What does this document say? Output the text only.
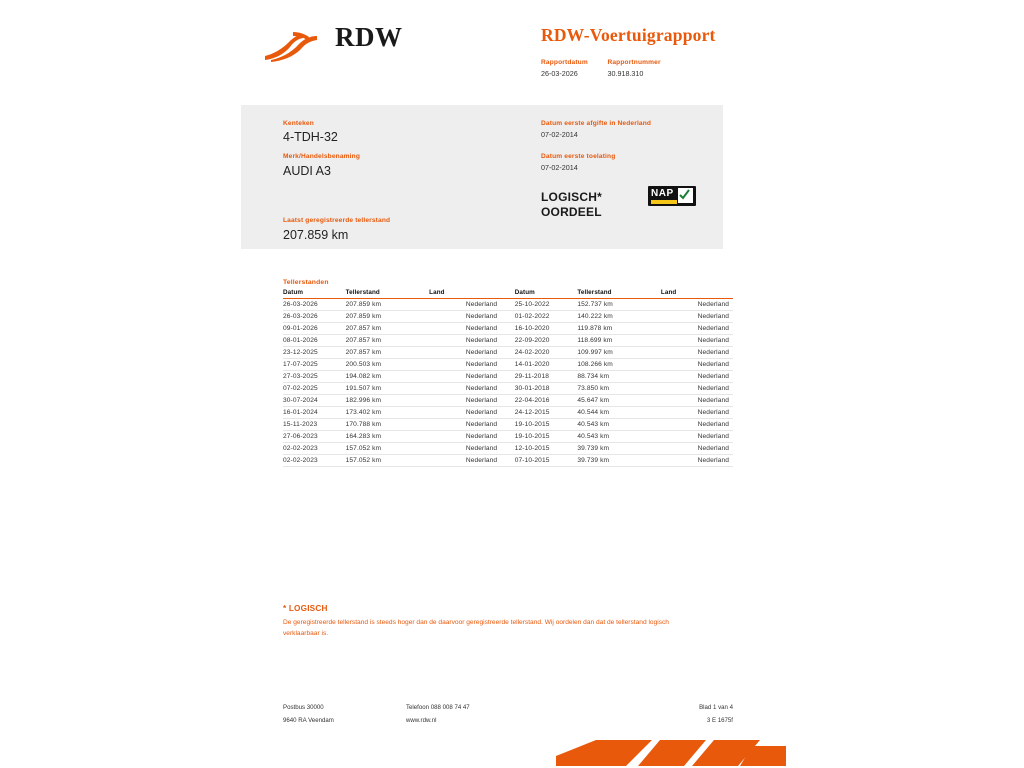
RDW	RDW-Voertuigrapport
Rapportdatum
26-03-2026

Rapportnummer
30.918.310
Kenteken
4-TDH-32
Merk/Handelsbenaming
AUDI A3
Laatst geregistreerde tellerstand
207.859 km
Datum eerste afgifte in Nederland
07-02-2014
Datum eerste toelating
07-02-2014
LOGISCH*
OORDEEL
NAP
Tellerstanden
Datum	Tellerstand	Land		Datum	Tellerstand	Land
26-03-2026	207.859 km	Nederland		25-10-2022	152.737 km	Nederland
26-03-2026	207.859 km	Nederland		01-02-2022	140.222 km	Nederland
09-01-2026	207.857 km	Nederland		16-10-2020	119.878 km	Nederland
08-01-2026	207.857 km	Nederland		22-09-2020	118.699 km	Nederland
23-12-2025	207.857 km	Nederland		24-02-2020	109.997 km	Nederland
17-07-2025	200.503 km	Nederland		14-01-2020	108.266 km	Nederland
27-03-2025	194.082 km	Nederland		29-11-2018	88.734 km	Nederland
07-02-2025	191.507 km	Nederland		30-01-2018	73.850 km	Nederland
30-07-2024	182.996 km	Nederland		22-04-2016	45.647 km	Nederland
16-01-2024	173.402 km	Nederland		24-12-2015	40.544 km	Nederland
15-11-2023	170.788 km	Nederland		19-10-2015	40.543 km	Nederland
27-06-2023	164.283 km	Nederland		19-10-2015	40.543 km	Nederland
02-02-2023	157.052 km	Nederland		12-10-2015	39.739 km	Nederland
02-02-2023	157.052 km	Nederland		07-10-2015	39.739 km	Nederland
* LOGISCH
De geregistreerde tellerstand is steeds hoger dan de daarvoor geregistreerde tellerstand. Wij oordelen dan dat de tellerstand logisch verklaarbaar is.
Postbus 30000
9640 RA Veendam
Telefoon 088 008 74 47
www.rdw.nl
Blad 1 van 4
3 E 1675f
